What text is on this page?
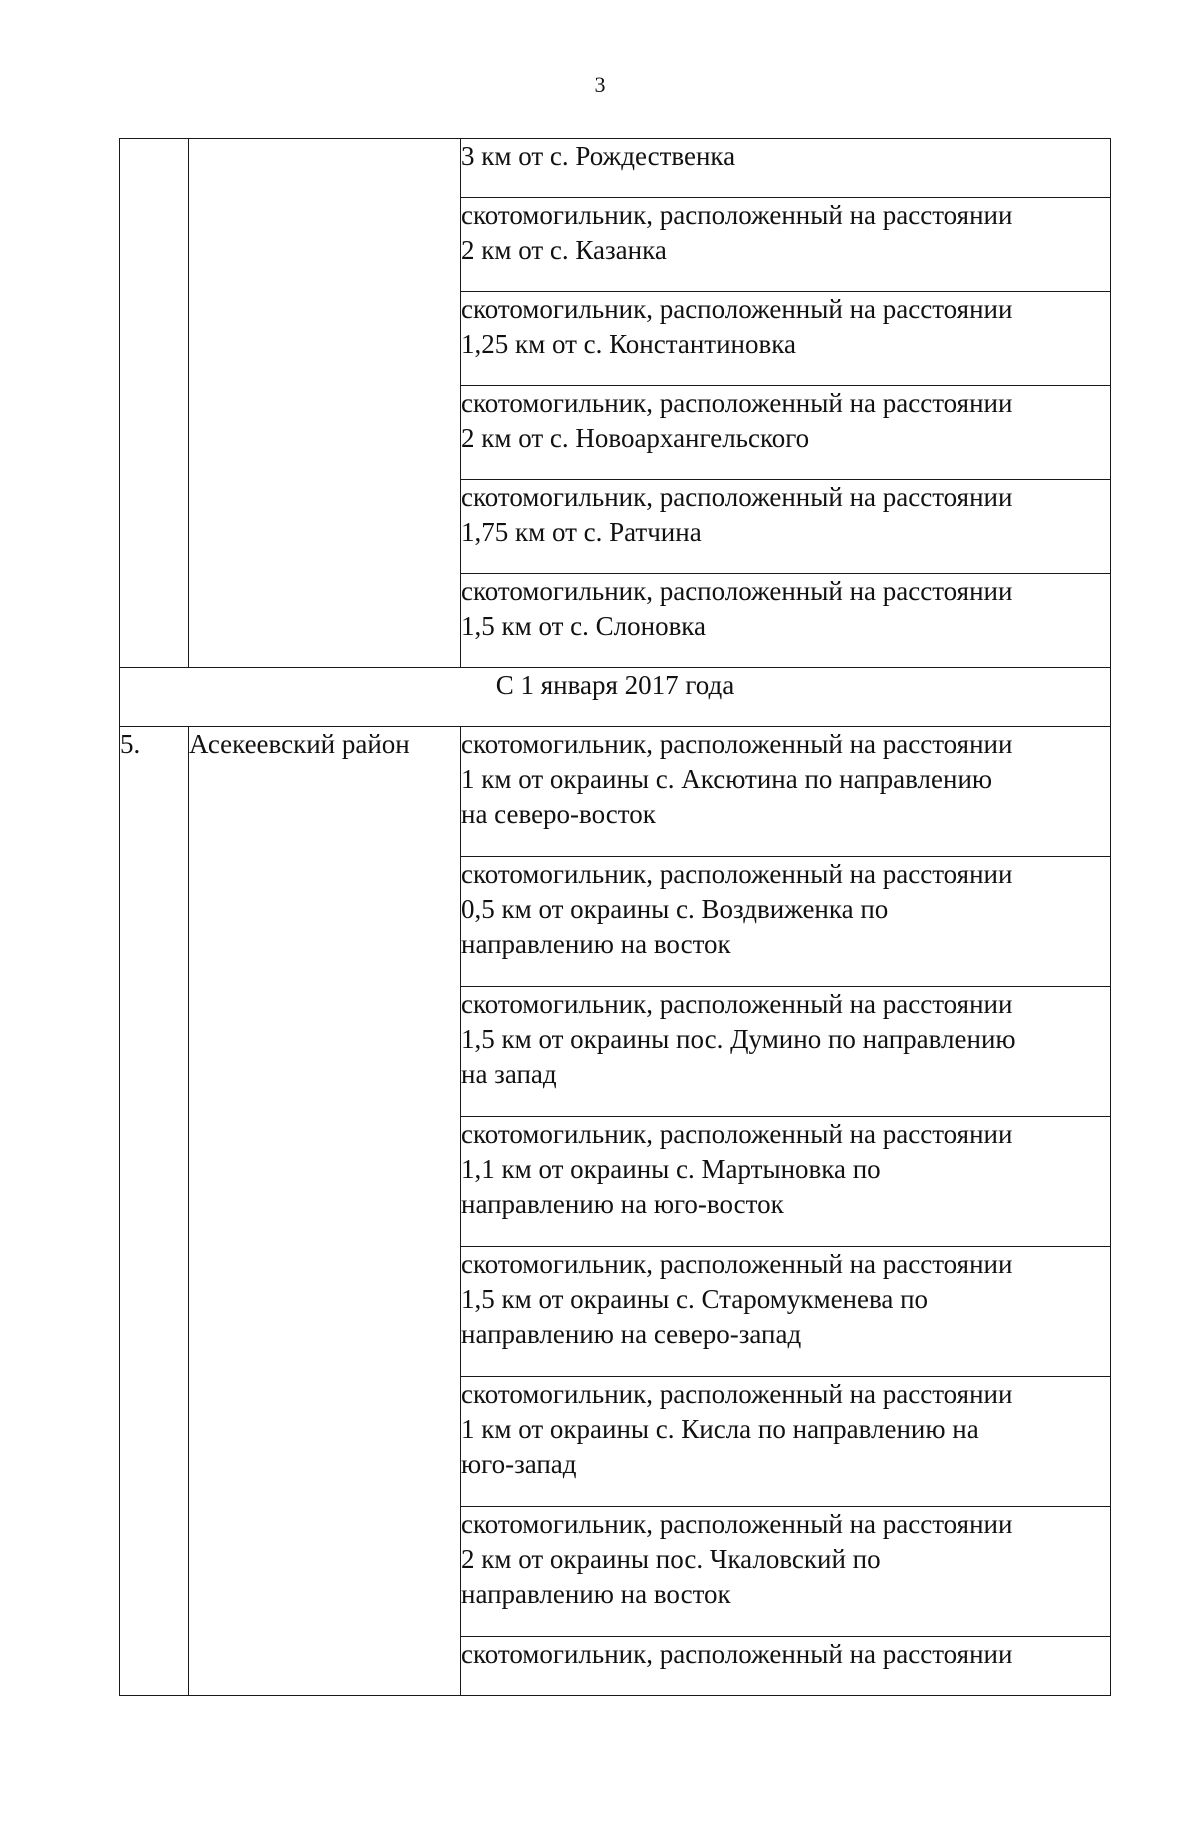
3

		3 км от с. Рождественка

		скотомогильник, расположенный на расстоянии
2 км от с. Казанка

		скотомогильник, расположенный на расстоянии
1,25 км от с. Константиновка

		скотомогильник, расположенный на расстоянии
2 км от с. Новоархангельского

		скотомогильник, расположенный на расстоянии
1,75 км от с. Ратчина

		скотомогильник, расположенный на расстоянии
1,5 км от с. Слоновка

С 1 января 2017 года		
5.	Асекеевский район	скотомогильник, расположенный на расстоянии
1 км от окраины с. Аксютина по направлению
на северо-восток

		скотомогильник, расположенный на расстоянии
0,5 км от окраины с. Воздвиженка по
направлению на восток

		скотомогильник, расположенный на расстоянии
1,5 км от окраины пос. Думино по направлению
на запад

		скотомогильник, расположенный на расстоянии
1,1 км от окраины с. Мартыновка по
направлению на юго-восток

		скотомогильник, расположенный на расстоянии
1,5 км от окраины с. Старомукменева по
направлению на северо-запад

		скотомогильник, расположенный на расстоянии
1 км от окраины с. Кисла по направлению на
юго-запад

		скотомогильник, расположенный на расстоянии
2 км от окраины пос. Чкаловский по
направлению на восток

		скотомогильник, расположенный на расстоянии
